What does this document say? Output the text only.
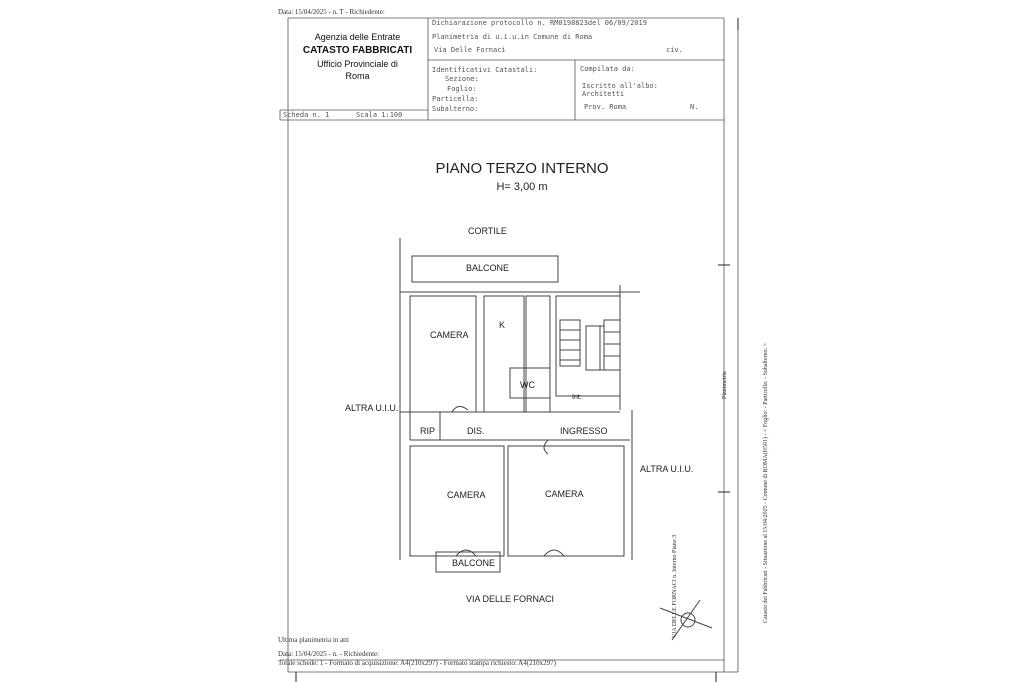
Data: 15/04/2025 - n. T - Richiedente:
Agenzia delle Entrate
CATASTO FABBRICATI
Ufficio Provinciale di
Roma
Dichiarazione protocollo n. RM0198823del 06/09/2019
Planimetria di u.i.u.in Comune di Roma
Via Delle Fornaci	civ.
Identificativi Catastali:
Sezione:
Foglio:
Particella:
Subalterno:
Compilata da:
Iscritto all'albo:
Architetti
Prov. Roma	N.
Scheda n. 1	Scala 1:100
PIANO TERZO INTERNO
H= 3,00 m
CORTILE
BALCONE
CAMERA
K
WC
Int.
ALTRA U.I.U.
RIP	DIS.	INGRESSO
ALTRA U.I.U.
CAMERA	CAMERA
BALCONE
VIA DELLE FORNACI
Ultima planimetria in atti
Data: 15/04/2025 - n. - Richiedente:
Totale schede: 1 - Formato di acquisizione: A4(210x297) - Formato stampa richiesto: A4(210x297)
Catasto dei Fabbricati - Situazione al 15/04/2025 - Comune di ROMA(H501) - < Foglio: - Particella: - Subalterno: >
VIA DELLE FORNACI n. Interno Piano 3
Planimetria
